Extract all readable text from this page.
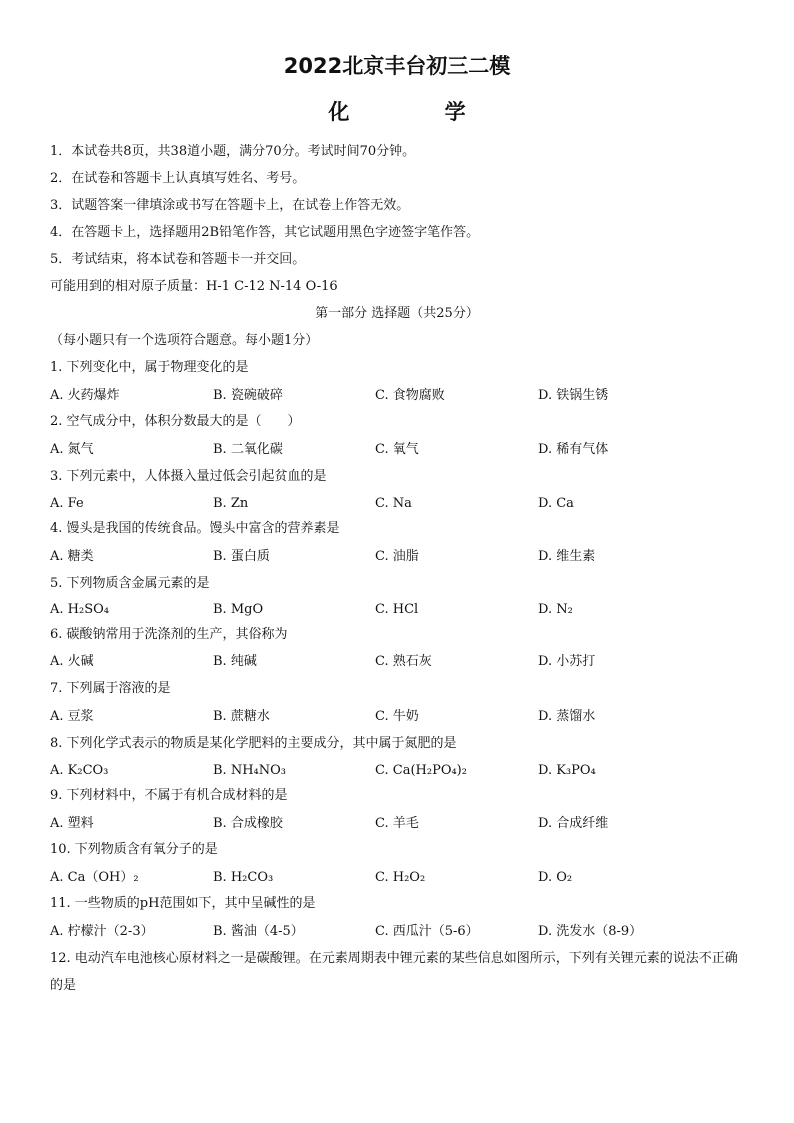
2022北京丰台初三二模
化 学
1．本试卷共8页，共38道小题，满分70分。考试时间70分钟。
2．在试卷和答题卡上认真填写姓名、考号。
3．试题答案一律填涂或书写在答题卡上，在试卷上作答无效。
4．在答题卡上，选择题用2B铅笔作答，其它试题用黑色字迹签字笔作答。
5．考试结束，将本试卷和答题卡一并交回。
可能用到的相对原子质量：H-1 C-12 N-14 O-16
第一部分 选择题（共25分）
（每小题只有一个选项符合题意。每小题1分）
1. 下列变化中，属于物理变化的是
A. 火药爆炸	B. 瓷碗破碎	C. 食物腐败	D. 铁锅生锈
2. 空气成分中，体积分数最大的是（　　）
A. 氮气	B. 二氧化碳	C. 氧气	D. 稀有气体
3. 下列元素中，人体摄入量过低会引起贫血的是
A. Fe	B. Zn	C. Na	D. Ca
4. 馒头是我国的传统食品。馒头中富含的营养素是
A. 糖类	B. 蛋白质	C. 油脂	D. 维生素
5. 下列物质含金属元素的是
A. H₂SO₄	B. MgO	C. HCl	D. N₂
6. 碳酸钠常用于洗涤剂的生产，其俗称为
A. 火碱	B. 纯碱	C. 熟石灰	D. 小苏打
7. 下列属于溶液的是
A. 豆浆	B. 蔗糖水	C. 牛奶	D. 蒸馏水
8. 下列化学式表示的物质是某化学肥料的主要成分，其中属于氮肥的是
A. K₂CO₃	B. NH₄NO₃	C. Ca(H₂PO₄)₂	D. K₃PO₄
9. 下列材料中，不属于有机合成材料的是
A. 塑料	B. 合成橡胶	C. 羊毛	D. 合成纤维
10. 下列物质含有氧分子的是
A. Ca（OH）₂	B. H₂CO₃	C. H₂O₂	D. O₂
11. 一些物质的pH范围如下，其中呈碱性的是
A. 柠檬汁（2-3）	B. 酱油（4-5）	C. 西瓜汁（5-6）	D. 洗发水（8-9）
12. 电动汽车电池核心原材料之一是碳酸锂。在元素周期表中锂元素的某些信息如图所示，下列有关锂元素的说法不正确的是
